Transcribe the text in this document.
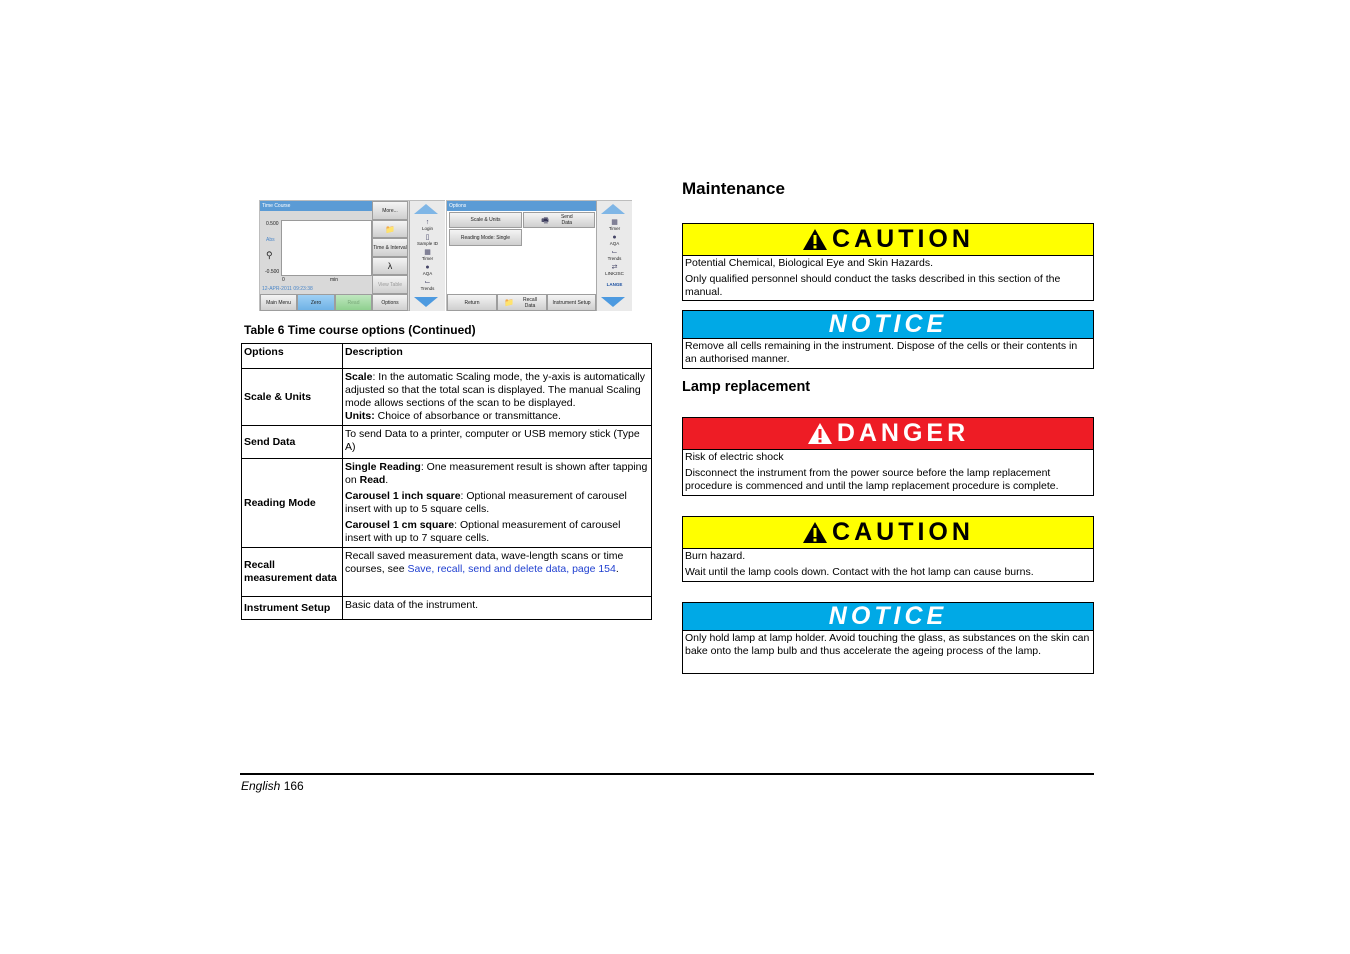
Time Course
0.500
Abs
⚲
-0.500
0	min
12-APR-2011 09:23:38
More...
📁
Time & Interval
λ
View Table
Main Menu	Zero	Read	Options
↑
Login
▯
Sample ID
▦
Timer
●
AQA
⌙
Trends
Options
Scale & Units	🖷	Send Data
Reading Mode: Single
Return	📁	Recall Data	Instrument Setup
▦
Timer
●
AQA
⌙
Trends
⇄
LINK2SC
LANGE
Table 6 Time course options (Continued)
Options	Description
Scale & Units	Scale: In the automatic Scaling mode, the y-axis is automatically adjusted so that the total scan is displayed. The manual Scaling mode allows sections of the scan to be displayed.

Units: Choice of absorbance or transmittance.

Send Data	To send Data to a printer, computer or USB memory stick (Type A)
Reading Mode	Single Reading: One measurement result is shown after tapping on Read.

Carousel 1 inch square: Optional measurement of carousel insert with up to 5 square cells.

Carousel 1 cm square: Optional measurement of carousel insert with up to 7 square cells.

Recall measurement data	Recall saved measurement data, wave-length scans or time courses, see Save, recall, send and delete data, page 154.
Instrument Setup	Basic data of the instrument.
Maintenance
CAUTION

Potential Chemical, Biological Eye and Skin Hazards.

Only qualified personnel should conduct the tasks described in this section of the manual.

NOTICE

Remove all cells remaining in the instrument. Dispose of the cells or their contents in an authorised manner.

Lamp replacement
DANGER

Risk of electric shock

Disconnect the instrument from the power source before the lamp replacement procedure is commenced and until the lamp replacement procedure is complete.

CAUTION

Burn hazard.

Wait until the lamp cools down. Contact with the hot lamp can cause burns.

NOTICE

Only hold lamp at lamp holder. Avoid touching the glass, as substances on the skin can bake onto the lamp bulb and thus accelerate the ageing process of the lamp.

English 166
